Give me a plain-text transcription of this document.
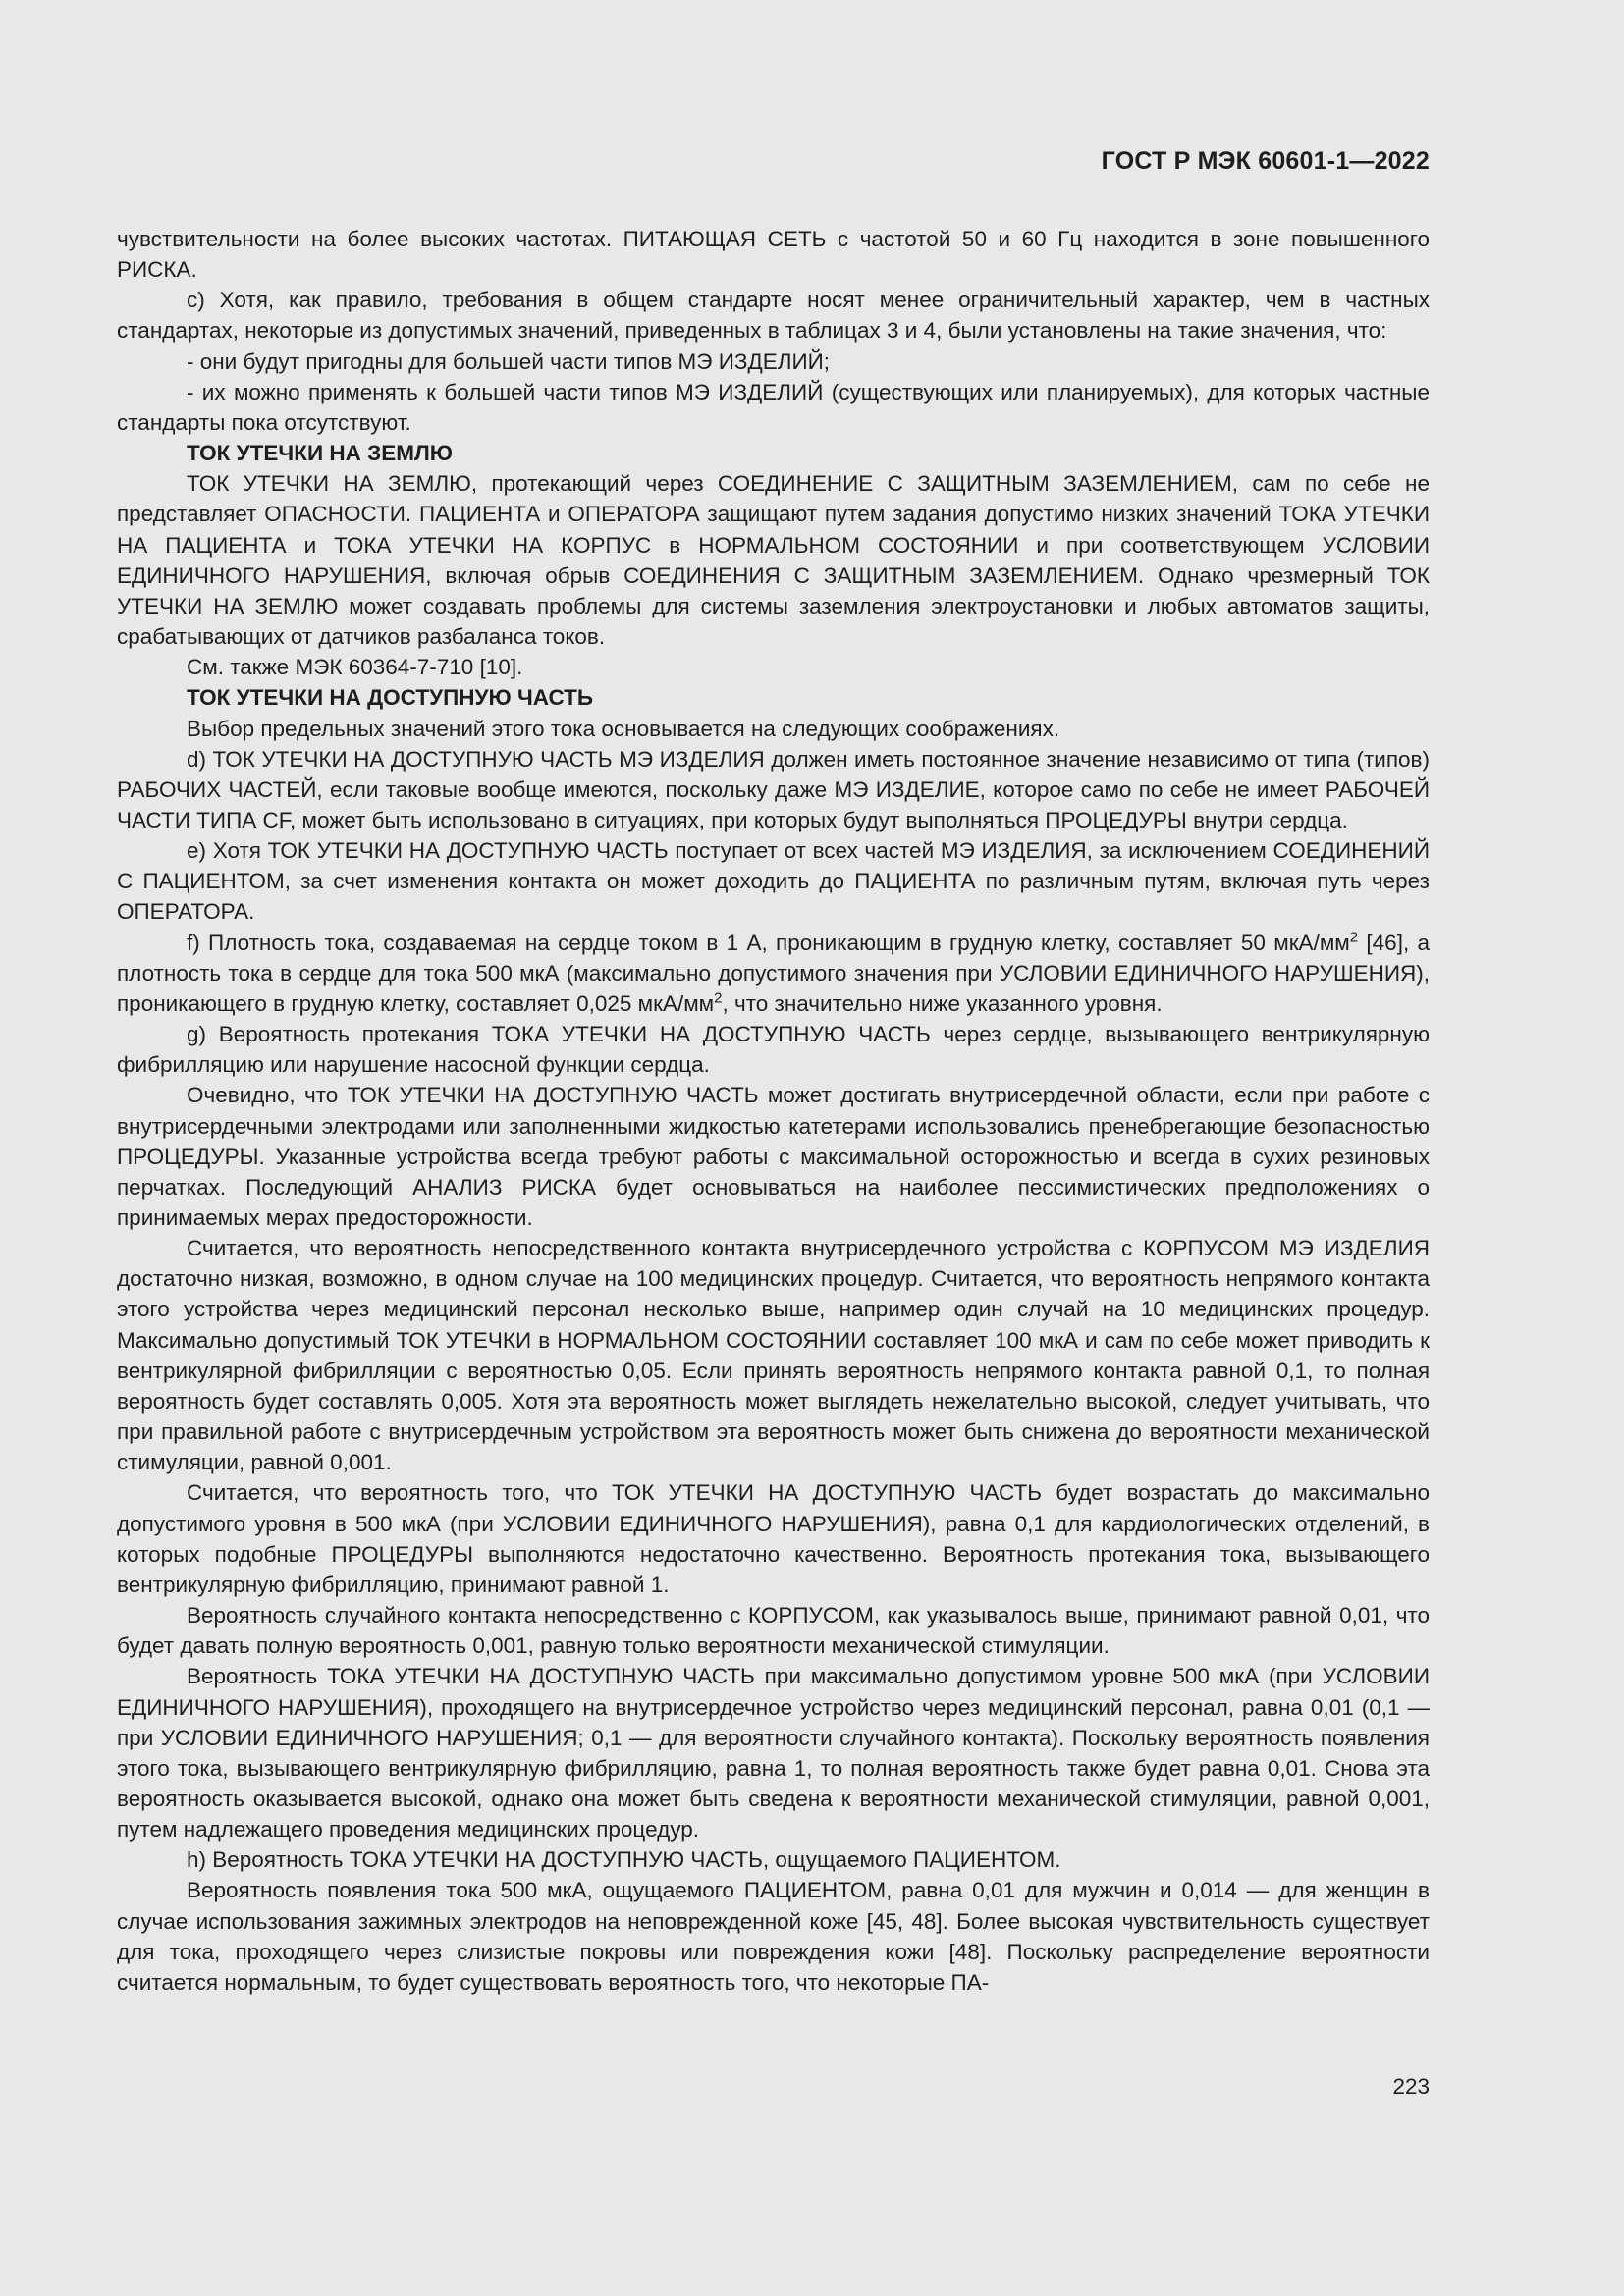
ГОСТ Р МЭК 60601-1—2022

чувствительности на более высоких частотах. ПИТАЮЩАЯ СЕТЬ с частотой 50 и 60 Гц находится в зоне повышенного РИСКА.

c) Хотя, как правило, требования в общем стандарте носят менее ограничительный характер, чем в частных стандартах, некоторые из допустимых значений, приведенных в таблицах 3 и 4, были установлены на такие значения, что:

- они будут пригодны для большей части типов МЭ ИЗДЕЛИЙ;

- их можно применять к большей части типов МЭ ИЗДЕЛИЙ (существующих или планируемых), для которых частные стандарты пока отсутствуют.

ТОК УТЕЧКИ НА ЗЕМЛЮ

ТОК УТЕЧКИ НА ЗЕМЛЮ, протекающий через СОЕДИНЕНИЕ С ЗАЩИТНЫМ ЗАЗЕМЛЕНИЕМ, сам по себе не представляет ОПАСНОСТИ. ПАЦИЕНТА и ОПЕРАТОРА защищают путем задания допустимо низких значений ТОКА УТЕЧКИ НА ПАЦИЕНТА и ТОКА УТЕЧКИ НА КОРПУС в НОРМАЛЬНОМ СОСТОЯНИИ и при соответствующем УСЛОВИИ ЕДИНИЧНОГО НАРУШЕНИЯ, включая обрыв СОЕДИНЕНИЯ С ЗАЩИТНЫМ ЗАЗЕМЛЕНИЕМ. Однако чрезмерный ТОК УТЕЧКИ НА ЗЕМЛЮ может создавать проблемы для системы заземления электроустановки и любых автоматов защиты, срабатывающих от датчиков разбаланса токов.

См. также МЭК 60364-7-710 [10].

ТОК УТЕЧКИ НА ДОСТУПНУЮ ЧАСТЬ

Выбор предельных значений этого тока основывается на следующих соображениях.

d) ТОК УТЕЧКИ НА ДОСТУПНУЮ ЧАСТЬ МЭ ИЗДЕЛИЯ должен иметь постоянное значение независимо от типа (типов) РАБОЧИХ ЧАСТЕЙ, если таковые вообще имеются, поскольку даже МЭ ИЗДЕЛИЕ, которое само по себе не имеет РАБОЧЕЙ ЧАСТИ ТИПА CF, может быть использовано в ситуациях, при которых будут выполняться ПРОЦЕДУРЫ внутри сердца.

e) Хотя ТОК УТЕЧКИ НА ДОСТУПНУЮ ЧАСТЬ поступает от всех частей МЭ ИЗДЕЛИЯ, за исключением СОЕДИНЕНИЙ С ПАЦИЕНТОМ, за счет изменения контакта он может доходить до ПАЦИЕНТА по различным путям, включая путь через ОПЕРАТОРА.

f) Плотность тока, создаваемая на сердце током в 1 А, проникающим в грудную клетку, составляет 50 мкА/$мм^2$ [46], а плотность тока в сердце для тока 500 мкА (максимально допустимого значения при УСЛОВИИ ЕДИНИЧНОГО НАРУШЕНИЯ), проникающего в грудную клетку, составляет 0,025 мкА/$мм^2$, что значительно ниже указанного уровня.

g) Вероятность протекания ТОКА УТЕЧКИ НА ДОСТУПНУЮ ЧАСТЬ через сердце, вызывающего вентрикулярную фибрилляцию или нарушение насосной функции сердца.

Очевидно, что ТОК УТЕЧКИ НА ДОСТУПНУЮ ЧАСТЬ может достигать внутрисердечной области, если при работе с внутрисердечными электродами или заполненными жидкостью катетерами использовались пренебрегающие безопасностью ПРОЦЕДУРЫ. Указанные устройства всегда требуют работы с максимальной осторожностью и всегда в сухих резиновых перчатках. Последующий АНАЛИЗ РИСКА будет основываться на наиболее пессимистических предположениях о принимаемых мерах предосторожности.

Считается, что вероятность непосредственного контакта внутрисердечного устройства с КОРПУСОМ МЭ ИЗДЕЛИЯ достаточно низкая, возможно, в одном случае на 100 медицинских процедур. Считается, что вероятность непрямого контакта этого устройства через медицинский персонал несколько выше, например один случай на 10 медицинских процедур. Максимально допустимый ТОК УТЕЧКИ в НОРМАЛЬНОМ СОСТОЯНИИ составляет 100 мкА и сам по себе может приводить к вентрикулярной фибрилляции с вероятностью 0,05. Если принять вероятность непрямого контакта равной 0,1, то полная вероятность будет составлять 0,005. Хотя эта вероятность может выглядеть нежелательно высокой, следует учитывать, что при правильной работе с внутрисердечным устройством эта вероятность может быть снижена до вероятности механической стимуляции, равной 0,001.

Считается, что вероятность того, что ТОК УТЕЧКИ НА ДОСТУПНУЮ ЧАСТЬ будет возрастать до максимально допустимого уровня в 500 мкА (при УСЛОВИИ ЕДИНИЧНОГО НАРУШЕНИЯ), равна 0,1 для кардиологических отделений, в которых подобные ПРОЦЕДУРЫ выполняются недостаточно качественно. Вероятность протекания тока, вызывающего вентрикулярную фибрилляцию, принимают равной 1.

Вероятность случайного контакта непосредственно с КОРПУСОМ, как указывалось выше, принимают равной 0,01, что будет давать полную вероятность 0,001, равную только вероятности механической стимуляции.

Вероятность ТОКА УТЕЧКИ НА ДОСТУПНУЮ ЧАСТЬ при максимально допустимом уровне 500 мкА (при УСЛОВИИ ЕДИНИЧНОГО НАРУШЕНИЯ), проходящего на внутрисердечное устройство через медицинский персонал, равна 0,01 (0,1 — при УСЛОВИИ ЕДИНИЧНОГО НАРУШЕНИЯ; 0,1 — для вероятности случайного контакта). Поскольку вероятность появления этого тока, вызывающего вентрикулярную фибрилляцию, равна 1, то полная вероятность также будет равна 0,01. Снова эта вероятность оказывается высокой, однако она может быть сведена к вероятности механической стимуляции, равной 0,001, путем надлежащего проведения медицинских процедур.

h) Вероятность ТОКА УТЕЧКИ НА ДОСТУПНУЮ ЧАСТЬ, ощущаемого ПАЦИЕНТОМ.

Вероятность появления тока 500 мкА, ощущаемого ПАЦИЕНТОМ, равна 0,01 для мужчин и 0,014 — для женщин в случае использования зажимных электродов на неповрежденной коже [45, 48]. Более высокая чувствительность существует для тока, проходящего через слизистые покровы или повреждения кожи [48]. Поскольку распределение вероятности считается нормальным, то будет существовать вероятность того, что некоторые ПА-

223
